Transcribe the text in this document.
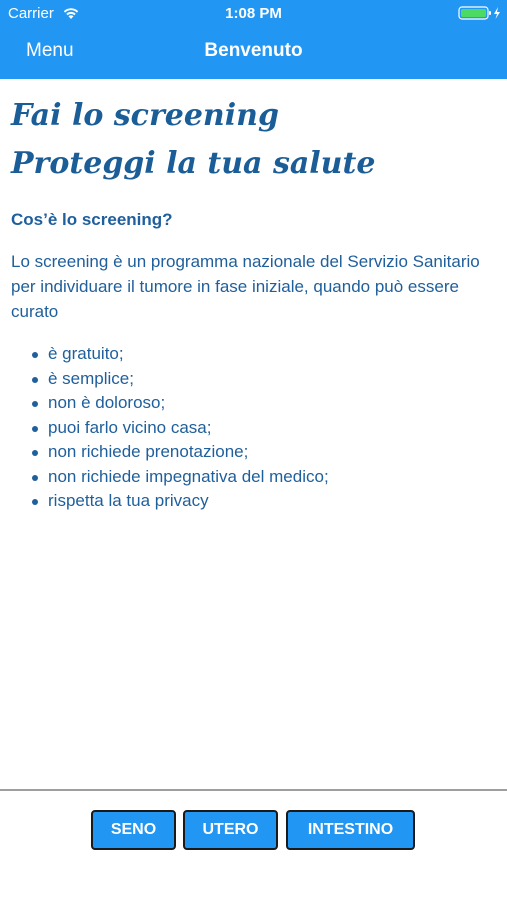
Carrier	1:08 PM
Menu	Benvenuto
Fai lo screening
Proteggi la tua salute
Cos’è lo screening?
Lo screening è un programma nazionale del Servizio Sanitario per individuare il tumore in fase iniziale, quando può essere curato
è gratuito;
è semplice;
non è doloroso;
puoi farlo vicino casa;
non richiede prenotazione;
non richiede impegnativa del medico;
rispetta la tua privacy
SENO	UTERO	INTESTINO
